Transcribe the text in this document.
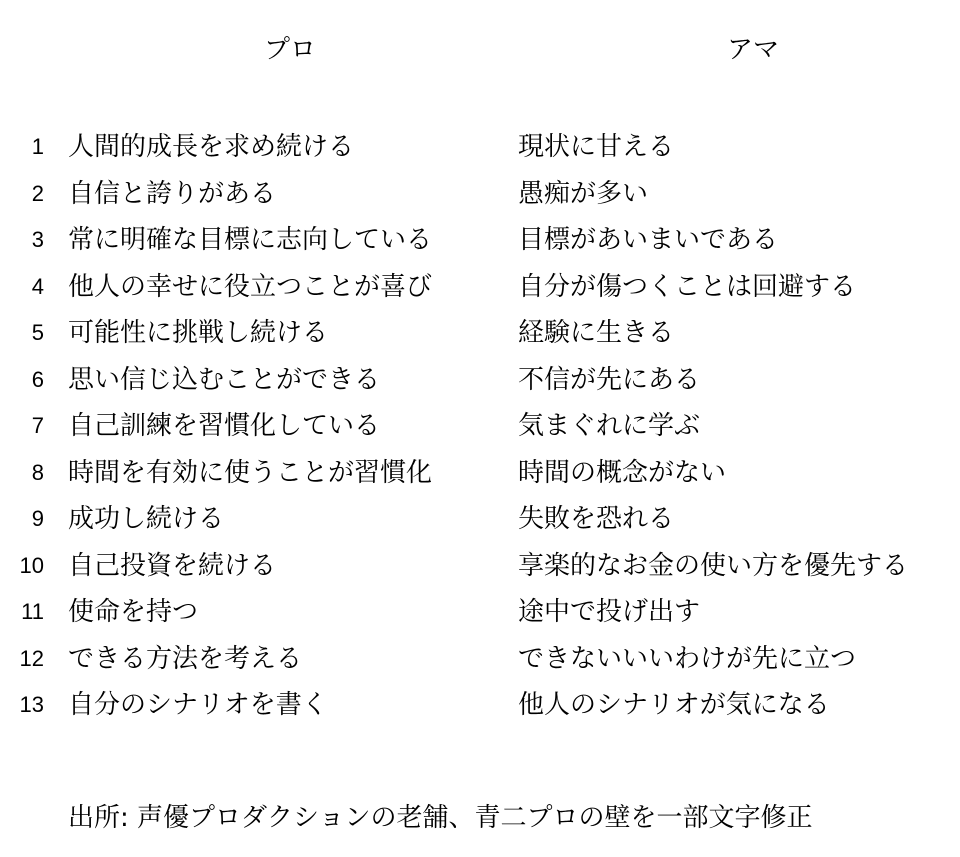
プロ	アマ
1 人間的成長を求め続ける	現状に甘える
2 自信と誇りがある	愚痴が多い
3 常に明確な目標に志向している	目標があいまいである
4 他人の幸せに役立つことが喜び	自分が傷つくことは回避する
5 可能性に挑戦し続ける	経験に生きる
6 思い信じ込むことができる	不信が先にある
7 自己訓練を習慣化している	気まぐれに学ぶ
8 時間を有効に使うことが習慣化	時間の概念がない
9 成功し続ける	失敗を恐れる
10 自己投資を続ける	享楽的なお金の使い方を優先する
11 使命を持つ	途中で投げ出す
12 できる方法を考える	できないいいわけが先に立つ
13 自分のシナリオを書く	他人のシナリオが気になる
出所: 声優プロダクションの老舗、青二プロの壁を一部文字修正
